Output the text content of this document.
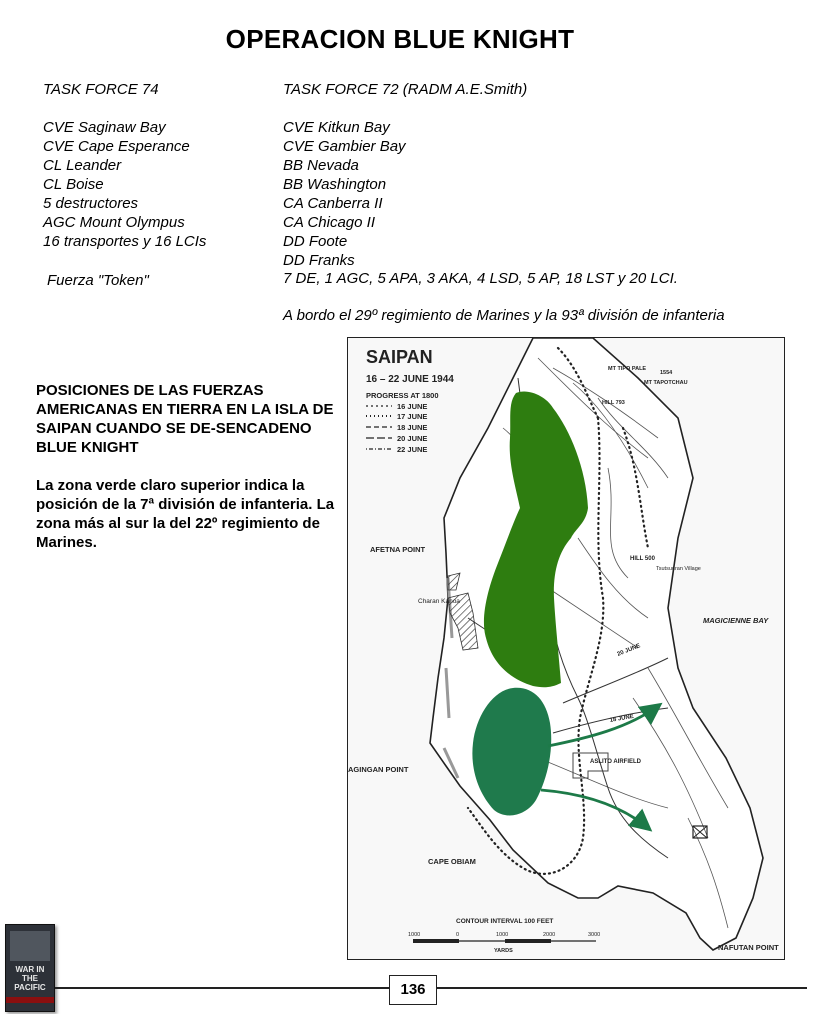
OPERACION BLUE KNIGHT
TASK FORCE 74
CVE Saginaw Bay
CVE Cape Esperance
CL Leander
CL Boise
5 destructores
AGC Mount Olympus
16 transportes y 16 LCIs
Fuerza "Token"
TASK FORCE 72 (RADM A.E.Smith)
CVE Kitkun Bay
CVE Gambier Bay
BB Nevada
BB Washington
CA Canberra II
CA Chicago II
DD Foote
DD Franks
7 DE, 1 AGC, 5 APA, 3 AKA, 4 LSD, 5 AP, 18 LST y 20 LCI.
A bordo el 29º regimiento de Marines y la 93ª división de infanteria

POSICIONES DE LAS FUERZAS AMERICANAS EN TIERRA EN LA ISLA DE SAIPAN CUANDO SE DE-SENCADENO BLUE KNIGHT

La zona verde claro superior indica la posición de la 7ª división de infanteria. La zona más al sur la del 22º regimiento de Marines.

SAIPAN
16 – 22 JUNE 1944
PROGRESS AT 1800
16 JUNE
17 JUNE
18 JUNE
20 JUNE
22 JUNE
AFETNA POINT
Charan Kanoa
AGINGAN POINT
CAPE OBIAM
MAGICIENNE BAY
NAFUTAN POINT
ASLITO AIRFIELD
MT TAPOTCHAU
MT TIPO PALE
1554
HILL 500
Tsutsuuran Village
HILL 793
20 JUNE
18 JUNE
CONTOUR INTERVAL 100 FEET
1000	0	1000	2000	3000
YARDS
WAR IN THE PACIFIC	136
